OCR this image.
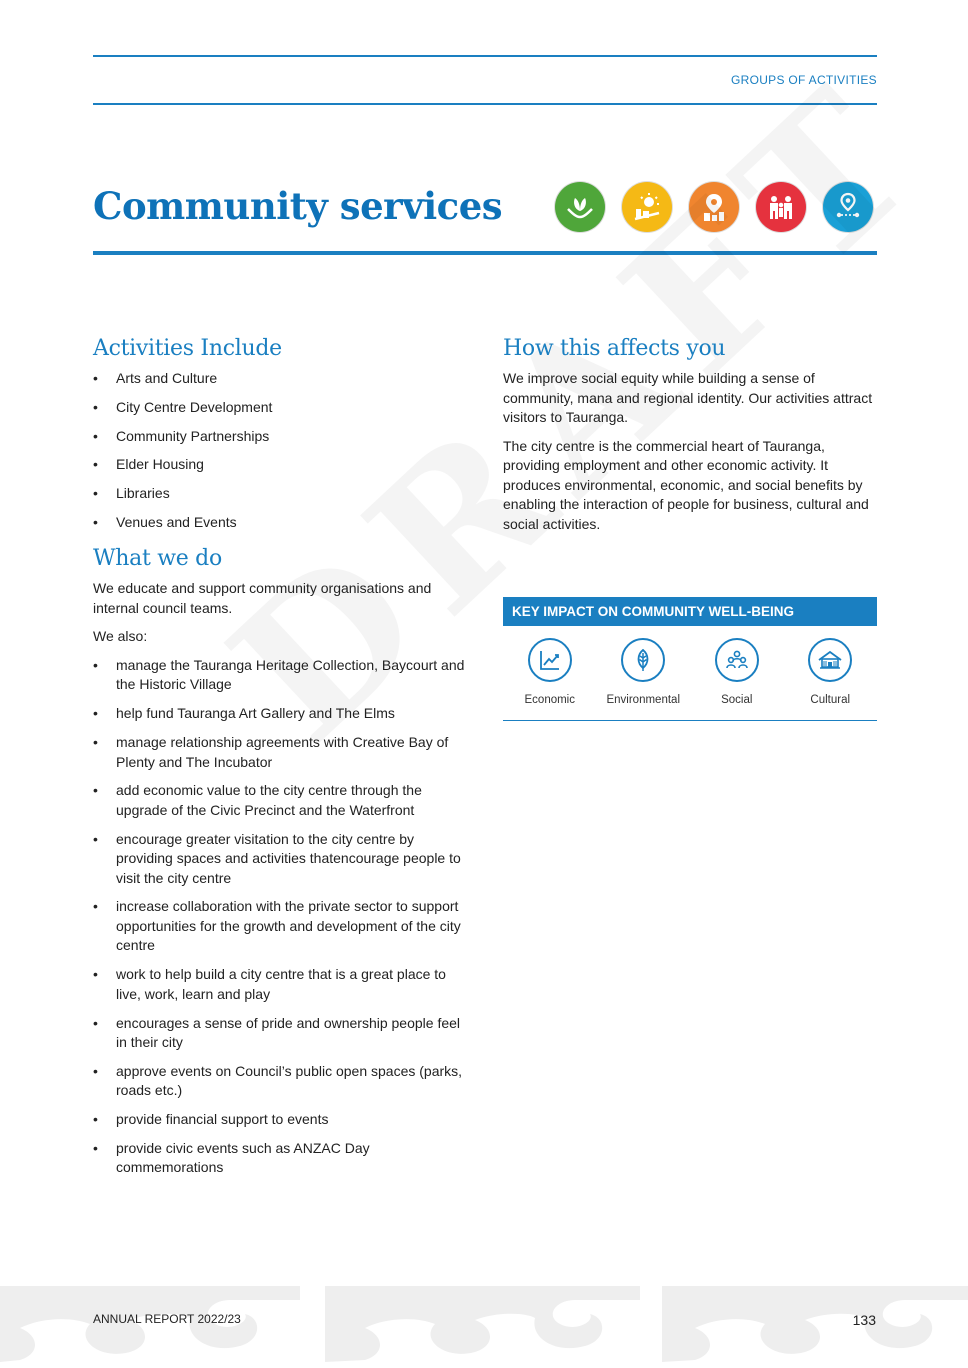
GROUPS OF ACTIVITIES
Community services
Activities Include
• Arts and Culture
• City Centre Development
• Community Partnerships
• Elder Housing
• Libraries
• Venues and Events
What we do

We educate and support community organisations and internal council teams.

We also:

• manage the Tauranga Heritage Collection, Baycourt and the Historic Village
• help fund Tauranga Art Gallery and The Elms
• manage relationship agreements with Creative Bay of Plenty and The Incubator
• add economic value to the city centre through the upgrade of the Civic Precinct and the Waterfront
• encourage greater visitation to the city centre by providing spaces and activities thatencourage people to visit the city centre
• increase collaboration with the private sector to support opportunities for the growth and development of the city centre
• work to help build a city centre that is a great place to live, work, learn and play
• encourages a sense of pride and ownership people feel in their city
• approve events on Council’s public open spaces (parks, roads etc.)
• provide financial support to events
• provide civic events such as ANZAC Day commemorations
How this affects you

We improve social equity while building a sense of community, mana and regional identity. Our activities attract visitors to Tauranga.

The city centre is the commercial heart of Tauranga, providing employment and other economic activity. It produces environmental, economic, and social benefits by enabling the interaction of people for business, cultural and social activities.

KEY IMPACT ON COMMUNITY WELL-BEING
Economic	Environmental	Social	Cultural
ANNUAL REPORT 2022/23	133
